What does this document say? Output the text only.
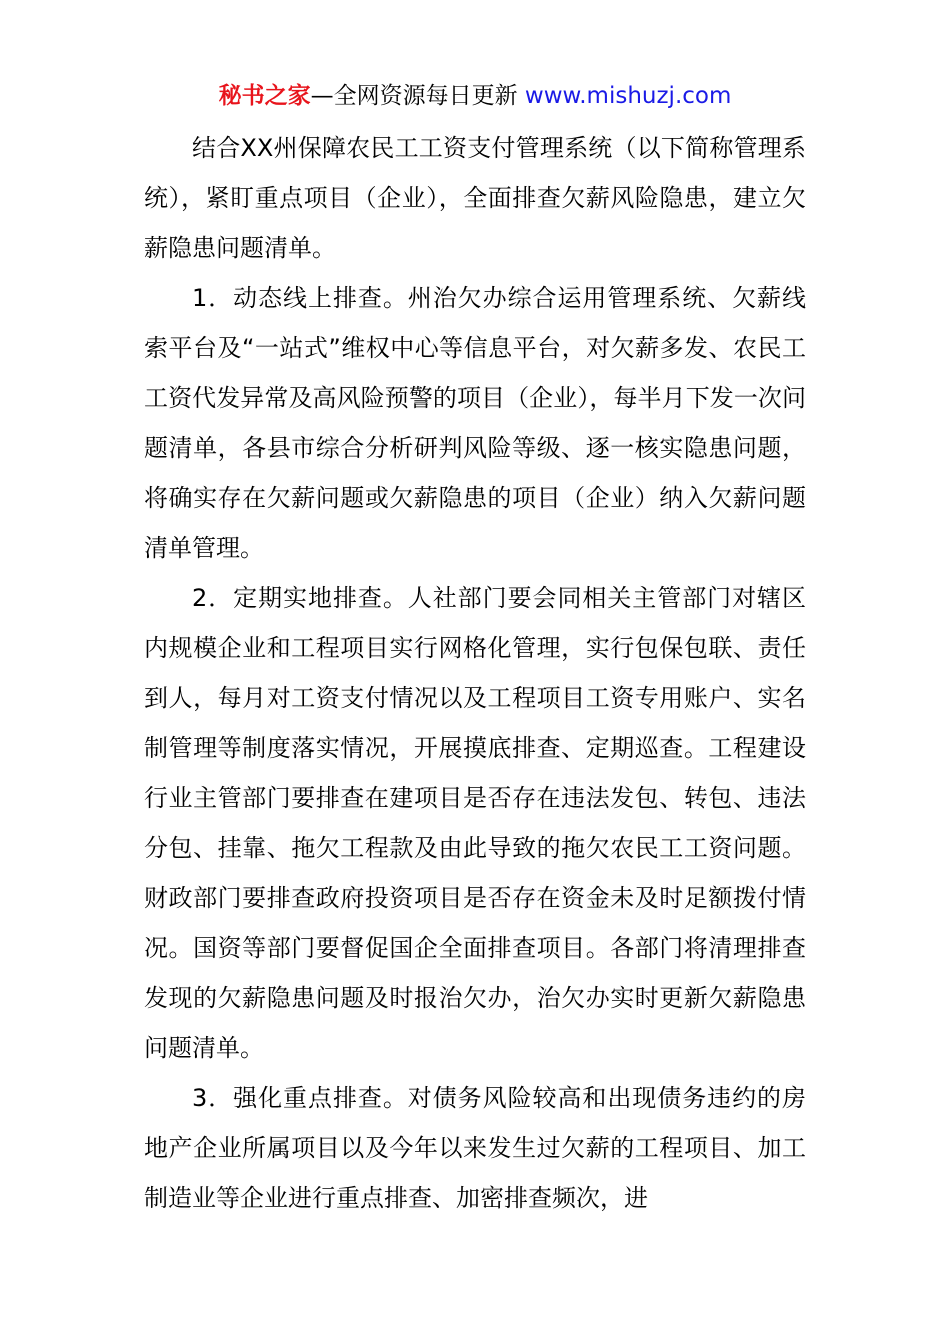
秘书之家—全网资源每日更新 www.mishuzj.com

结合XX州保障农民工工资支付管理系统（以下简称管理系统），紧盯重点项目（企业），全面排查欠薪风险隐患，建立欠薪隐患问题清单。

1．动态线上排查。州治欠办综合运用管理系统、欠薪线索平台及“一站式”维权中心等信息平台，对欠薪多发、农民工工资代发异常及高风险预警的项目（企业），每半月下发一次问题清单，各县市综合分析研判风险等级、逐一核实隐患问题，将确实存在欠薪问题或欠薪隐患的项目（企业）纳入欠薪问题清单管理。

2．定期实地排查。人社部门要会同相关主管部门对辖区内规模企业和工程项目实行网格化管理，实行包保包联、责任到人，每月对工资支付情况以及工程项目工资专用账户、实名制管理等制度落实情况，开展摸底排查、定期巡查。工程建设行业主管部门要排查在建项目是否存在违法发包、转包、违法分包、挂靠、拖欠工程款及由此导致的拖欠农民工工资问题。财政部门要排查政府投资项目是否存在资金未及时足额拨付情况。国资等部门要督促国企全面排查项目。各部门将清理排查发现的欠薪隐患问题及时报治欠办，治欠办实时更新欠薪隐患问题清单。

3．强化重点排查。对债务风险较高和出现债务违约的房地产企业所属项目以及今年以来发生过欠薪的工程项目、加工制造业等企业进行重点排查、加密排查频次，进
